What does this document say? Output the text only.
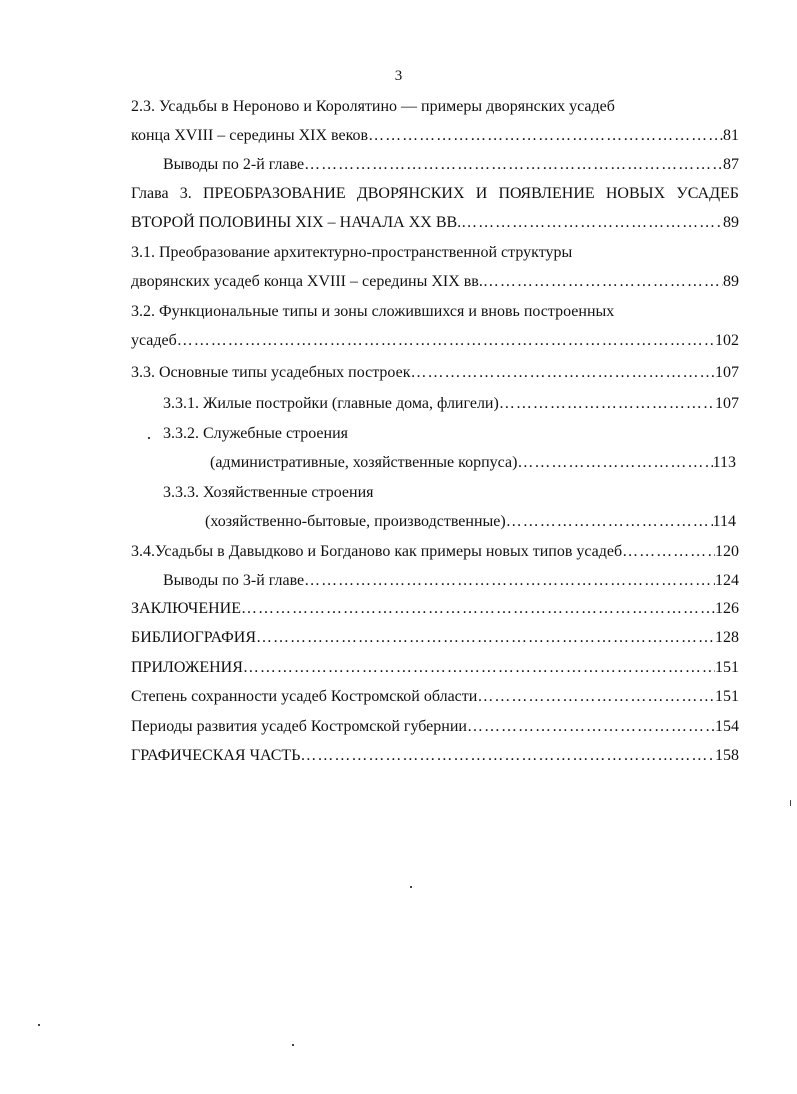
3
2.3. Усадьбы в Нероново и Королятино — примеры дворянских усадеб
конца XVIII – середины XIX веков ……………………………………………………………………………………………………………………………………………………………	81
Выводы по 2-й главе ……………………………………………………………………………………………………………………………………………………………	87
Глава 3. ПРЕОБРАЗОВАНИЕ ДВОРЯНСКИХ И ПОЯВЛЕНИЕ НОВЫХ УСАДЕБ
ВТОРОЙ ПОЛОВИНЫ XIX – НАЧАЛА XX ВВ. ……………………………………………………………………………………………………………………………………………………………	89
3.1. Преобразование архитектурно-пространственной структуры
дворянских усадеб конца XVIII – середины XIX вв. ……………………………………………………………………………………………………………………………………………………………	89
3.2. Функциональные типы и зоны сложившихся и вновь построенных
усадеб ……………………………………………………………………………………………………………………………………………………………	102
3.3. Основные типы усадебных построек ……………………………………………………………………………………………………………………………………………………………	107
3.3.1. Жилые постройки (главные дома, флигели) ……………………………………………………………………………………………………………………………………………………………	107
3.3.2. Служебные строения
(административные, хозяйственные корпуса) ……………………………………………………………………………………………………………………………………………………………	113
3.3.3. Хозяйственные строения
(хозяйственно-бытовые, производственные) ……………………………………………………………………………………………………………………………………………………………	114
3.4.Усадьбы в Давыдково и Богданово как примеры новых типов усадеб ……………………………………………………………………………………………………………………………………………………………	120
Выводы по 3-й главе ……………………………………………………………………………………………………………………………………………………………	124
ЗАКЛЮЧЕНИЕ ……………………………………………………………………………………………………………………………………………………………	126
БИБЛИОГРАФИЯ ……………………………………………………………………………………………………………………………………………………………	128
ПРИЛОЖЕНИЯ ……………………………………………………………………………………………………………………………………………………………	151
Степень сохранности усадеб Костромской области ……………………………………………………………………………………………………………………………………………………………	151
Периоды развития усадеб Костромской губернии ……………………………………………………………………………………………………………………………………………………………	154
ГРАФИЧЕСКАЯ ЧАСТЬ ……………………………………………………………………………………………………………………………………………………………	158
